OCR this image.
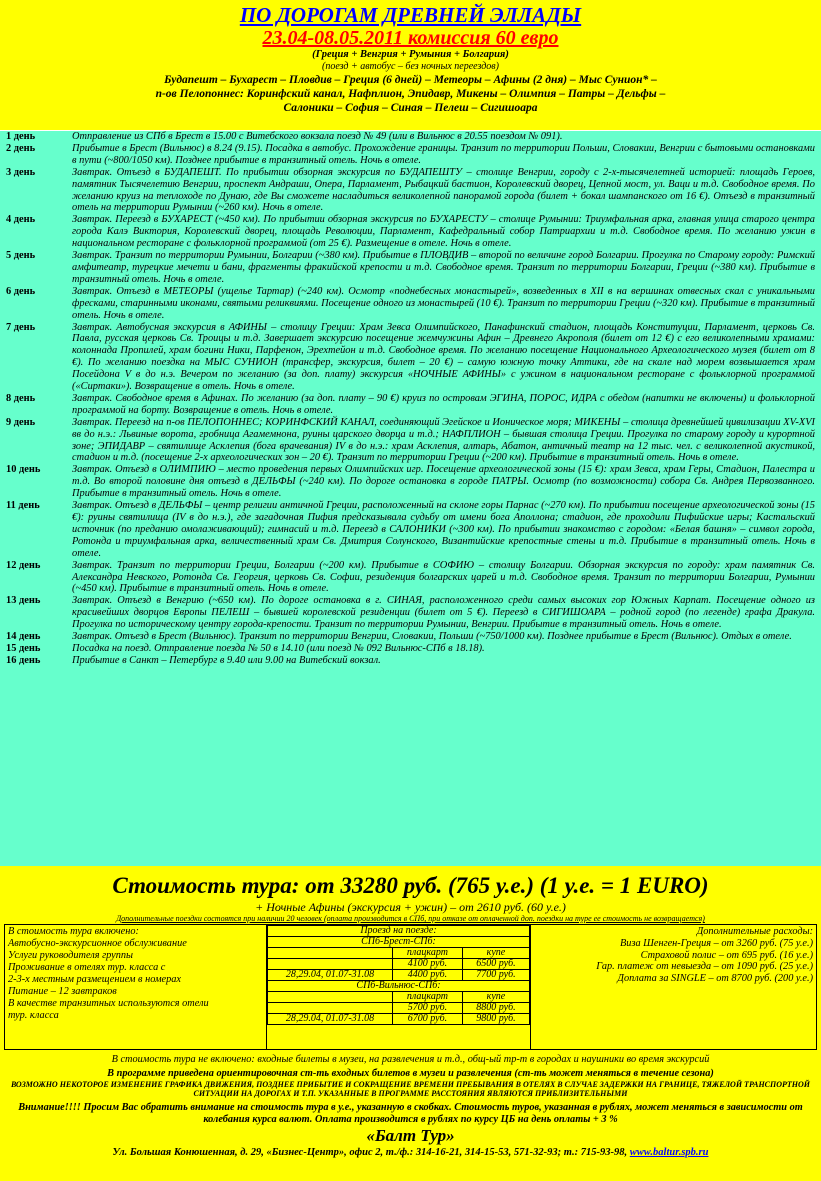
ПО ДОРОГАМ ДРЕВНЕЙ ЭЛЛАДЫ
23.04-08.05.2011 комиссия 60 евро
(Греция + Венгрия + Румыния + Болгария)
(поезд + автобус – без ночных переездов)
Будапешт – Бухарест – Пловдив – Греция (6 дней) – Метеоры – Афины (2 дня) – Мыс Сунион* –
п-ов Пелопоннес: Коринфский канал, Нафплион, Эпидавр, Микены – Олимпия – Патры – Дельфы –
Салоники – София – Синая – Пелеш – Сигишоара
1 день	Отправление из СПб в Брест в 15.00 с Витебского вокзала поезд № 49 (или в Вильнюс в 20.55 поездом № 091).
2 день	Прибытие в Брест (Вильнюс) в 8.24 (9.15). Посадка в автобус. Прохождение границы. Транзит по территории Польши, Словакии, Венгрии с бытовыми остановками в пути (~800/1050 км). Позднее прибытие в транзитный отель. Ночь в отеле.
3 день	Завтрак. Отъезд в БУДАПЕШТ. По прибытии обзорная экскурсия по БУДАПЕШТУ – столице Венгрии, городу с 2-х-тысячелетней историей: площадь Героев, памятник Тысячелетию Венгрии, проспект Андраши, Опера, Парламент, Рыбацкий бастион, Королевский дворец, Цепной мост, ул. Ваци и т.д. Свободное время. По желанию круиз на теплоходе по Дунаю, где Вы сможете насладиться великолепной панорамой города (билет + бокал шампанского от 16 €). Отъезд в транзитный отель на территории Румынии (~260 км). Ночь в отеле.
4 день	Завтрак. Переезд в БУХАРЕСТ (~450 км). По прибытии обзорная экскурсия по БУХАРЕСТУ – столице Румынии: Триумфальная арка, главная улица старого центра города Калэ Виктория, Королевский дворец, площадь Революции, Парламент, Кафедральный собор Патриархии и т.д. Свободное время. По желанию ужин в национальном ресторане с фольклорной программой (от 25 €). Размещение в отеле. Ночь в отеле.
5 день	Завтрак. Транзит по территории Румынии, Болгарии (~380 км). Прибытие в ПЛОВДИВ – второй по величине город Болгарии. Прогулка по Старому городу: Римский амфитеатр, турецкие мечети и бани, фрагменты фракийской крепости и т.д. Свободное время. Транзит по территории Болгарии, Греции (~380 км). Прибытие в транзитный отель. Ночь в отеле.
6 день	Завтрак. Отъезд в МЕТЕОРЫ (ущелье Тартар) (~240 км). Осмотр «поднебесных монастырей», возведенных в XII в на вершинах отвесных скал с уникальными фресками, старинными иконами, святыми реликвиями. Посещение одного из монастырей (10 €). Транзит по территории Греции (~320 км). Прибытие в транзитный отель. Ночь в отеле.
7 день	Завтрак. Автобусная экскурсия в АФИНЫ – столицу Греции: Храм Зевса Олимпийского, Панафинский стадион, площадь Конституции, Парламент, церковь Св. Павла, русская церковь Св. Троицы и т.д. Завершает экскурсию посещение жемчужины Афин – Древнего Акрополя (билет от 12 €) с его великолепными храмами: колоннада Пропилей, храм богини Ники, Парфенон, Эрехтейон и т.д. Свободное время. По желанию посещение Национального Археологического музея (билет от 8 €). По желанию поездка на МЫС СУНИОН (трансфер, экскурсия, билет – 20 €) – самую южную точку Аттики, где на скале над морем возвышается храм Посейдона V в до н.э. Вечером по желанию (за доп. плату) экскурсия «НОЧНЫЕ АФИНЫ» с ужином в национальном ресторане с фольклорной программой («Сиртаки»). Возвращение в отель. Ночь в отеле.
8 день	Завтрак. Свободное время в Афинах. По желанию (за доп. плату – 90 €) круиз по островам ЭГИНА, ПОРОС, ИДРА с обедом (напитки не включены) и фольклорной программой на борту. Возвращение в отель. Ночь в отеле.
9 день	Завтрак. Переезд на п-ов ПЕЛОПОННЕС; КОРИНФСКИЙ КАНАЛ, соединяющий Эгейское и Ионическое моря; МИКЕНЫ – столица древнейшей цивилизации XV-XVI вв до н.э.: Львиные ворота, гробница Агамемнона, руины царского дворца и т.д.; НАФПЛИОН – бывшая столица Греции. Прогулка по старому городу и курортной зоне; ЭПИДАВР – святилище Асклепия (бога врачевания) IV в до н.э.: храм Асклепия, алтарь, Абатон, античный театр на 12 тыс. чел. с великолепной акустикой, стадион и т.д. (посещение 2-х археологических зон – 20 €). Транзит по территории Греции (~200 км). Прибытие в транзитный отель. Ночь в отеле.
10 день	Завтрак. Отъезд в ОЛИМПИЮ – место проведения первых Олимпийских игр. Посещение археологической зоны (15 €): храм Зевса, храм Геры, Стадион, Палестра и т.д. Во второй половине дня отъезд в ДЕЛЬФЫ (~240 км). По дороге остановка в городе ПАТРЫ. Осмотр (по возможности) собора Св. Андрея Первозванного. Прибытие в транзитный отель. Ночь в отеле.
11 день	Завтрак. Отъезд в ДЕЛЬФЫ – центр религии античной Греции, расположенный на склоне горы Парнас (~270 км). По прибытии посещение археологической зоны (15 €): руины святилища (IV в до н.э.), где загадочная Пифия предсказывала судьбу от имени бога Аполлона; стадион, где проходили Пифийские игры; Кастальский источник (по преданию омолаживающий); гимнасий и т.д. Переезд в САЛОНИКИ (~300 км). По прибытии знакомство с городом: «Белая башня» – символ города, Ротонда и триумфальная арка, величественный храм Св. Дмитрия Солунского, Византийские крепостные стены и т.д. Прибытие в транзитный отель. Ночь в отеле.
12 день	Завтрак. Транзит по территории Греции, Болгарии (~200 км). Прибытие в СОФИЮ – столицу Болгарии. Обзорная экскурсия по городу: храм памятник Св. Александра Невского, Ротонда Св. Георгия, церковь Св. Софии, резиденция болгарских царей и т.д. Свободное время. Транзит по территории Болгарии, Румынии (~450 км). Прибытие в транзитный отель. Ночь в отеле.
13 день	Завтрак. Отъезд в Венгрию (~650 км). По дороге остановка в г. СИНАЯ, расположенного среди самых высоких гор Южных Карпат. Посещение одного из красивейших дворцов Европы ПЕЛЕШ – бывшей королевской резиденции (билет от 5 €). Переезд в СИГИШОАРА – родной город (по легенде) графа Дракула. Прогулка по историческому центру города-крепости. Транзит по территории Румынии, Венгрии. Прибытие в транзитный отель. Ночь в отеле.
14 день	Завтрак. Отъезд в Брест (Вильнюс). Транзит по территории Венгрии, Словакии, Польши (~750/1000 км). Позднее прибытие в Брест (Вильнюс). Отдых в отеле.
15 день	Посадка на поезд. Отправление поезда № 50 в 14.10 (или поезд № 092 Вильнюс-СПб в 18.18).
16 день	Прибытие в Санкт – Петербург в 9.40 или 9.00 на Витебский вокзал.
Стоимость тура: от 33280 руб. (765 у.е.) (1 у.е. = 1 EURO)
+ Ночные Афины (экскурсия + ужин) – от 2610 руб. (60 у.е.)
Дополнительные поездки состоятся при наличии 20 человек (оплата производится в СПб, при отказе от оплаченной доп. поездки на туре ее стоимость не возвращается)
В стоимость тура включено:
Автобусно-экскурсионное обслуживание
Услуги руководителя группы
Проживание в отелях тур. класса с
2-3-х местным размещением в номерах
Питание – 12 завтраков
В качестве транзитных используются отели
тур. класса
Проезд на поезде:		
СПб-Брест-СПб:		
	плацкарт	купе
	4100 руб.	6500 руб.
28,29.04, 01.07-31.08	4400 руб.	7700 руб.
СПб-Вильнюс-СПб:		
	плацкарт	купе
	5700 руб.	8800 руб.
28,29.04, 01.07-31.08	6700 руб.	9800 руб.
Дополнительные расходы:
Виза Шенген-Греция – от 3260 руб. (75 у.е.)
Страховой полис – от 695 руб. (16 у.е.)
Гар. платеж от невыезда – от 1090 руб. (25 у.е.)
Доплата за SINGLE – от 8700 руб. (200 у.е.)
В стоимость тура не включено: входные билеты в музеи, на развлечения и т.д., общ-ый тр-т в городах и наушники во время экскурсий
В программе приведена ориентировочная ст-ть входных билетов в музеи и развлечения (ст-ть может меняться в течение сезона)
ВОЗМОЖНО НЕКОТОРОЕ ИЗМЕНЕНИЕ ГРАФИКА ДВИЖЕНИЯ, ПОЗДНЕЕ ПРИБЫТИЕ И СОКРАЩЕНИЕ ВРЕМЕНИ ПРЕБЫВАНИЯ В ОТЕЛЯХ В СЛУЧАЕ ЗАДЕРЖКИ НА ГРАНИЦЕ, ТЯЖЕЛОЙ ТРАНСПОРТНОЙ СИТУАЦИИ НА ДОРОГАХ И Т.П. УКАЗАННЫЕ В ПРОГРАММЕ РАССТОЯНИЯ ЯВЛЯЮТСЯ ПРИБЛИЗИТЕЛЬНЫМИ
Внимание!!!! Просим Вас обратить внимание на стоимость тура в у.е., указанную в скобках. Стоимость туров, указанная в рублях, может меняться в зависимости от колебания курса валют. Оплата производится в рублях по курсу ЦБ на день оплаты + 3 %
«Балт Тур»
Ул. Большая Конюшенная, д. 29, «Бизнес-Центр», офис 2, т./ф.: 314-16-21, 314-15-53, 571-32-93; т.: 715-93-98, www.baltur.spb.ru
